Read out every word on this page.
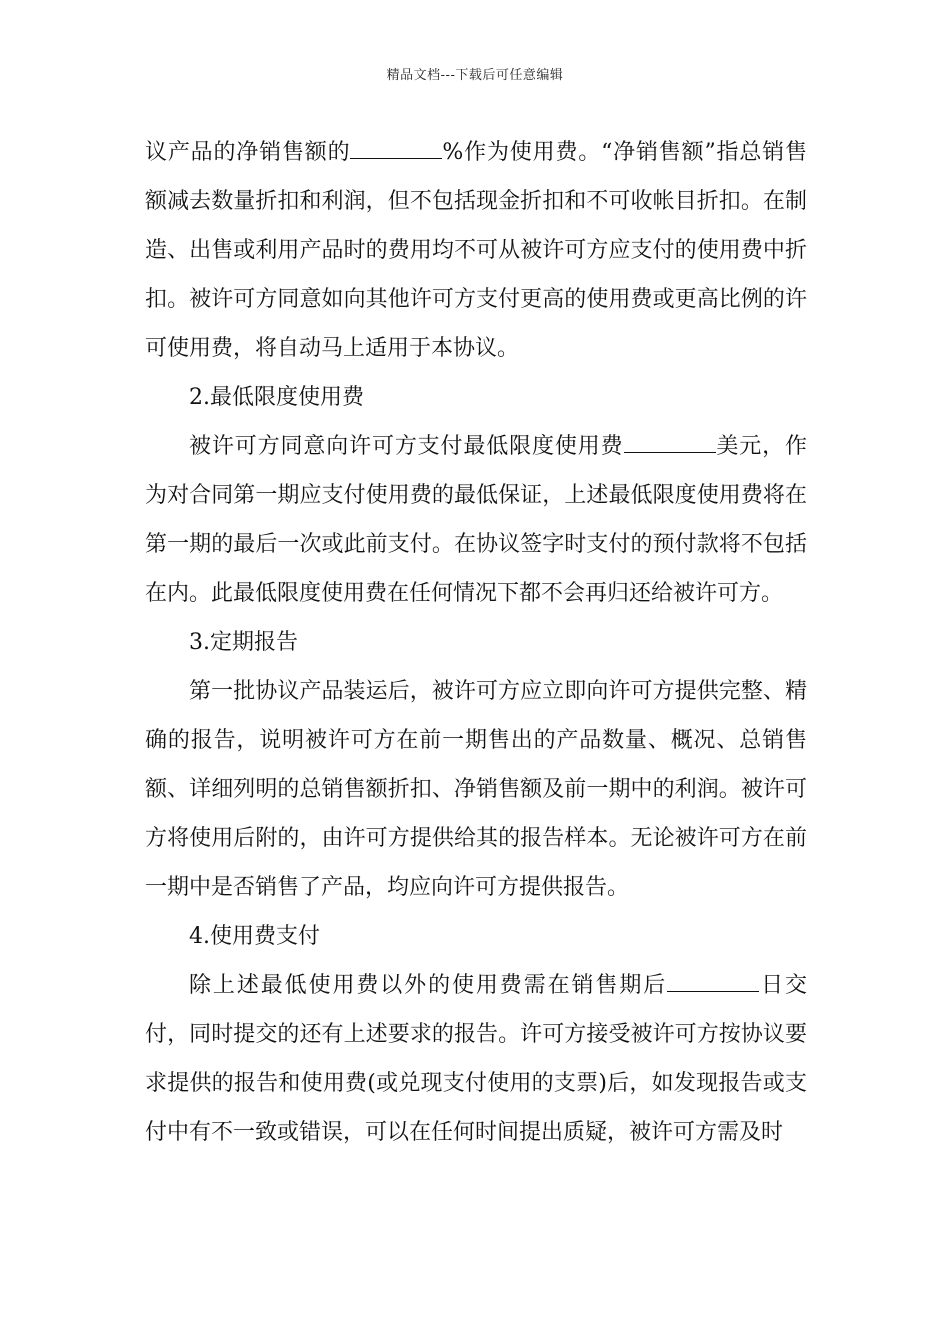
精品文档---下载后可任意编辑

议产品的净销售额的	%作为使用费。“净销售额”指总销售额减去数量折扣和利润，但不包括现金折扣和不可收帐目折扣。在制造、出售或利用产品时的费用均不可从被许可方应支付的使用费中折扣。被许可方同意如向其他许可方支付更高的使用费或更高比例的许可使用费，将自动马上适用于本协议。

2.最低限度使用费

被许可方同意向许可方支付最低限度使用费	美元，作为对合同第一期应支付使用费的最低保证，上述最低限度使用费将在第一期的最后一次或此前支付。在协议签字时支付的预付款将不包括在内。此最低限度使用费在任何情况下都不会再归还给被许可方。

3.定期报告

第一批协议产品装运后，被许可方应立即向许可方提供完整、精确的报告，说明被许可方在前一期售出的产品数量、概况、总销售额、详细列明的总销售额折扣、净销售额及前一期中的利润。被许可方将使用后附的，由许可方提供给其的报告样本。无论被许可方在前一期中是否销售了产品，均应向许可方提供报告。

4.使用费支付

除上述最低使用费以外的使用费需在销售期后	日交付，同时提交的还有上述要求的报告。许可方接受被许可方按协议要求提供的报告和使用费(或兑现支付使用的支票)后，如发现报告或支付中有不一致或错误，可以在任何时间提出质疑，被许可方需及时
